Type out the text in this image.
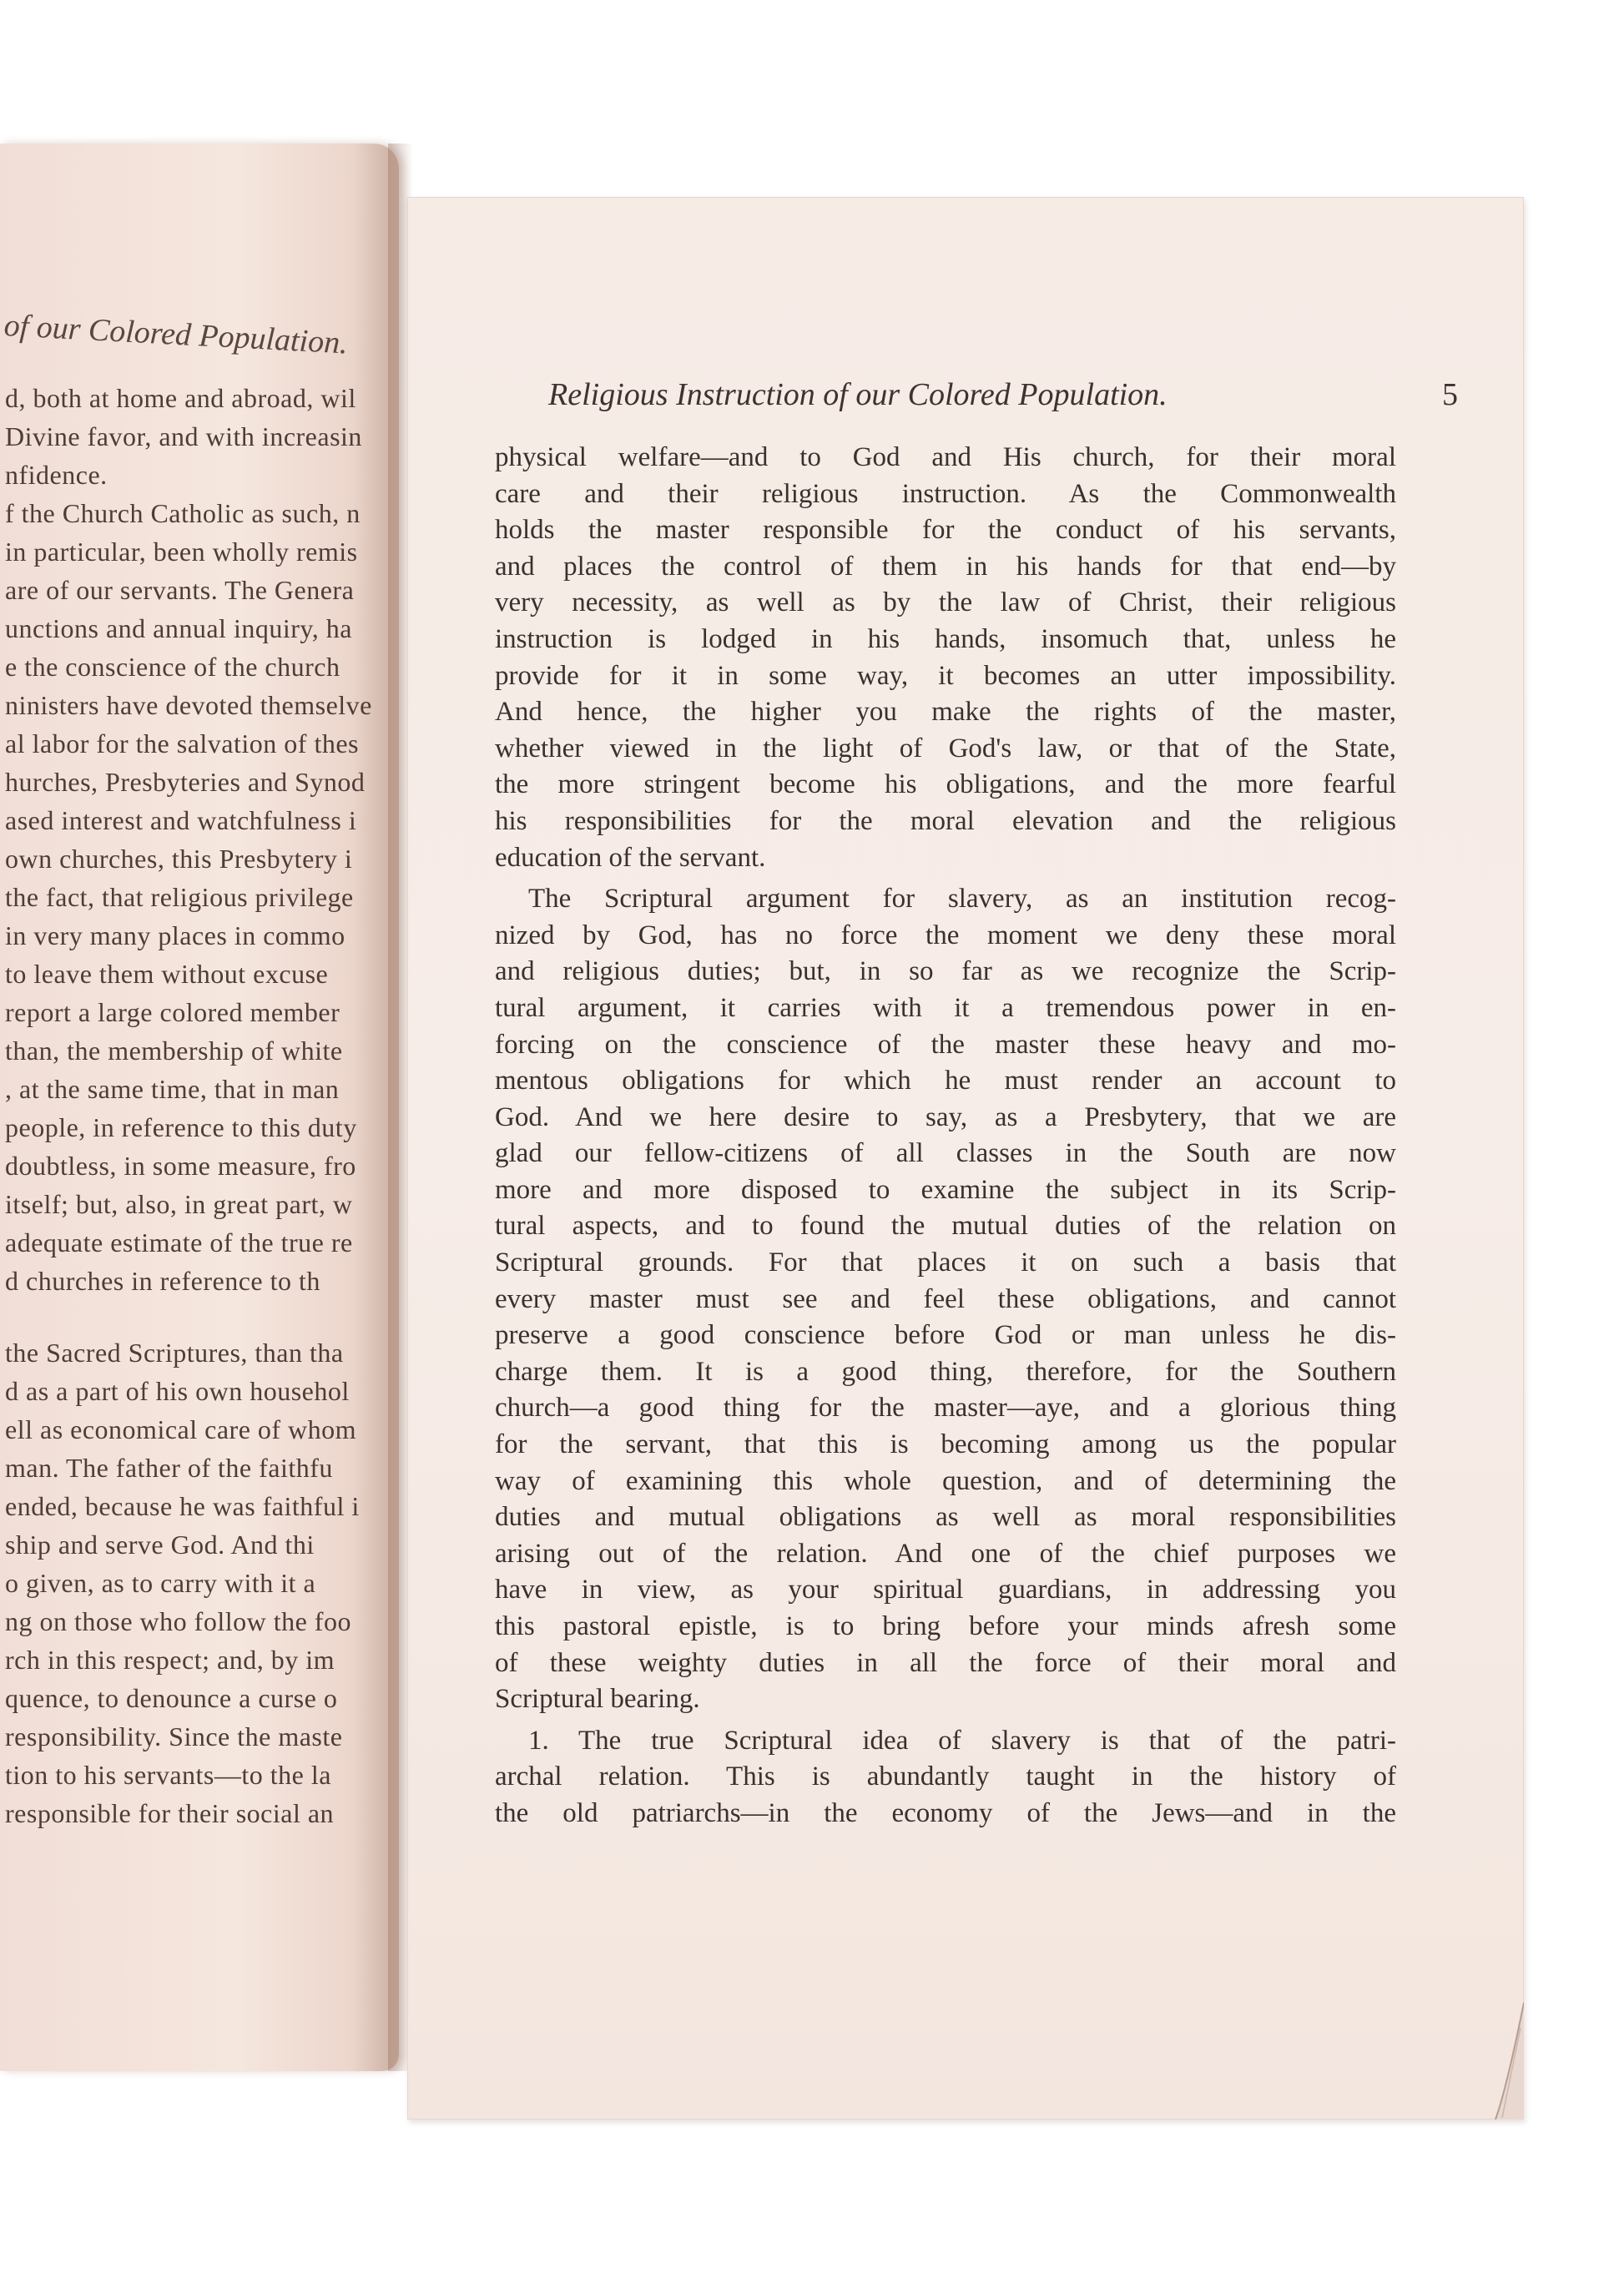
of our Colored Population.
d, both at home and abroad, wil
Divine favor, and with increasin
nfidence.
f the Church Catholic as such, n
in particular, been wholly remis
are of our servants. The Genera
unctions and annual inquiry, ha
e the conscience of the church
ninisters have devoted themselve
al labor for the salvation of thes
hurches, Presbyteries and Synod
ased interest and watchfulness i
own churches, this Presbytery i
the fact, that religious privilege
in very many places in commo
to leave them without excuse
report a large colored member
than, the membership of white
, at the same time, that in man
people, in reference to this duty
doubtless, in some measure, fro
itself; but, also, in great part, w
adequate estimate of the true re
d churches in reference to th
the Sacred Scriptures, than tha
d as a part of his own househol
ell as economical care of whom
man. The father of the faithfu
ended, because he was faithful i
ship and serve God. And thi
o given, as to carry with it a
ng on those who follow the foo
rch in this respect; and, by im
quence, to denounce a curse o
responsibility. Since the maste
tion to his servants—to the la
responsible for their social an
Religious Instruction of our Colored Population.	5
physical welfare—and to God and His church, for their moral
care and their religious instruction. As the Commonwealth
holds the master responsible for the conduct of his servants,
and places the control of them in his hands for that end—by
very necessity, as well as by the law of Christ, their religious
instruction is lodged in his hands, insomuch that, unless he
provide for it in some way, it becomes an utter impossibility.
And hence, the higher you make the rights of the master,
whether viewed in the light of God's law, or that of the State,
the more stringent become his obligations, and the more fearful
his responsibilities for the moral elevation and the religious
education of the servant.
The Scriptural argument for slavery, as an institution recog-
nized by God, has no force the moment we deny these moral
and religious duties; but, in so far as we recognize the Scrip-
tural argument, it carries with it a tremendous power in en-
forcing on the conscience of the master these heavy and mo-
mentous obligations for which he must render an account to
God. And we here desire to say, as a Presbytery, that we are
glad our fellow-citizens of all classes in the South are now
more and more disposed to examine the subject in its Scrip-
tural aspects, and to found the mutual duties of the relation on
Scriptural grounds. For that places it on such a basis that
every master must see and feel these obligations, and cannot
preserve a good conscience before God or man unless he dis-
charge them. It is a good thing, therefore, for the Southern
church—a good thing for the master—aye, and a glorious thing
for the servant, that this is becoming among us the popular
way of examining this whole question, and of determining the
duties and mutual obligations as well as moral responsibilities
arising out of the relation. And one of the chief purposes we
have in view, as your spiritual guardians, in addressing you
this pastoral epistle, is to bring before your minds afresh some
of these weighty duties in all the force of their moral and
Scriptural bearing.
1. The true Scriptural idea of slavery is that of the patri-
archal relation. This is abundantly taught in the history of
the old patriarchs—in the economy of the Jews—and in the
